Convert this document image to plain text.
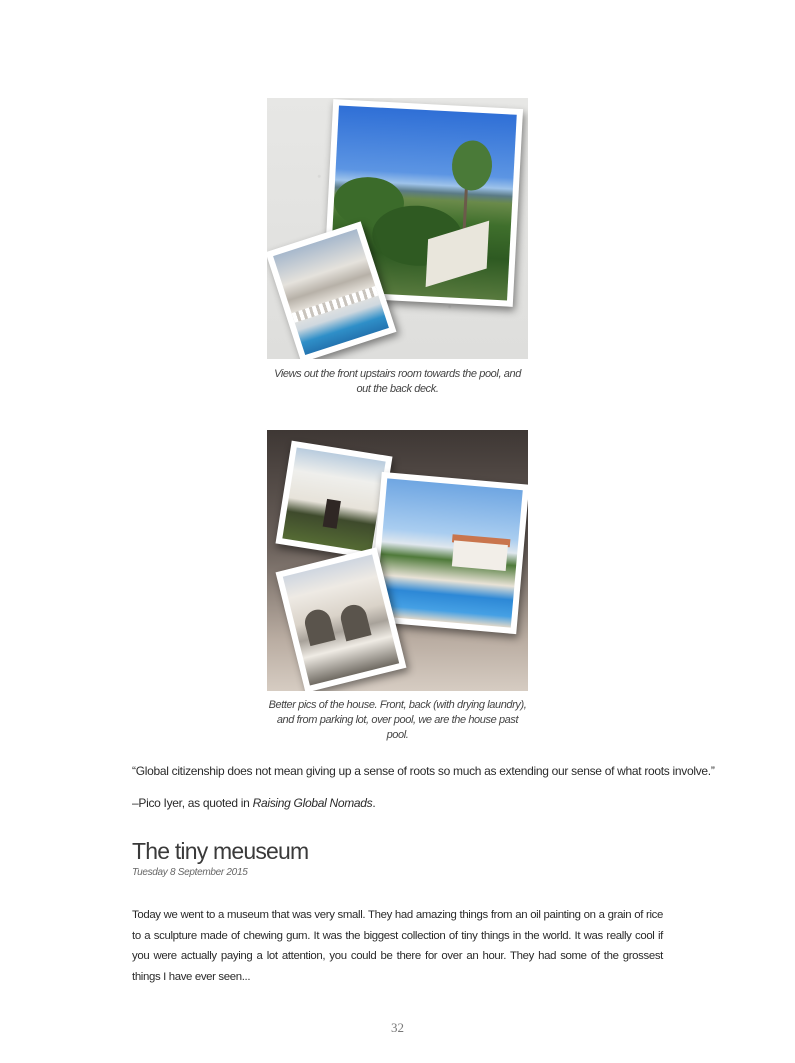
Views out the front upstairs room towards the pool, and out the back deck.
Better pics of the house. Front, back (with drying laundry), and from parking lot, over pool, we are the house past pool.
“Global citizenship does not mean giving up a sense of roots so much as extending our sense of what roots involve.”
–Pico Iyer, as quoted in Raising Global Nomads.
The tiny meuseum
Tuesday 8 September 2015
Today we went to a museum that was very small. They had amazing things from an oil painting on a grain of rice to a sculpture made of chewing gum. It was the biggest collection of tiny things in the world. It was really cool if you were actually paying a lot attention, you could be there for over an hour. They had some of the grossest things I have ever seen...
32
